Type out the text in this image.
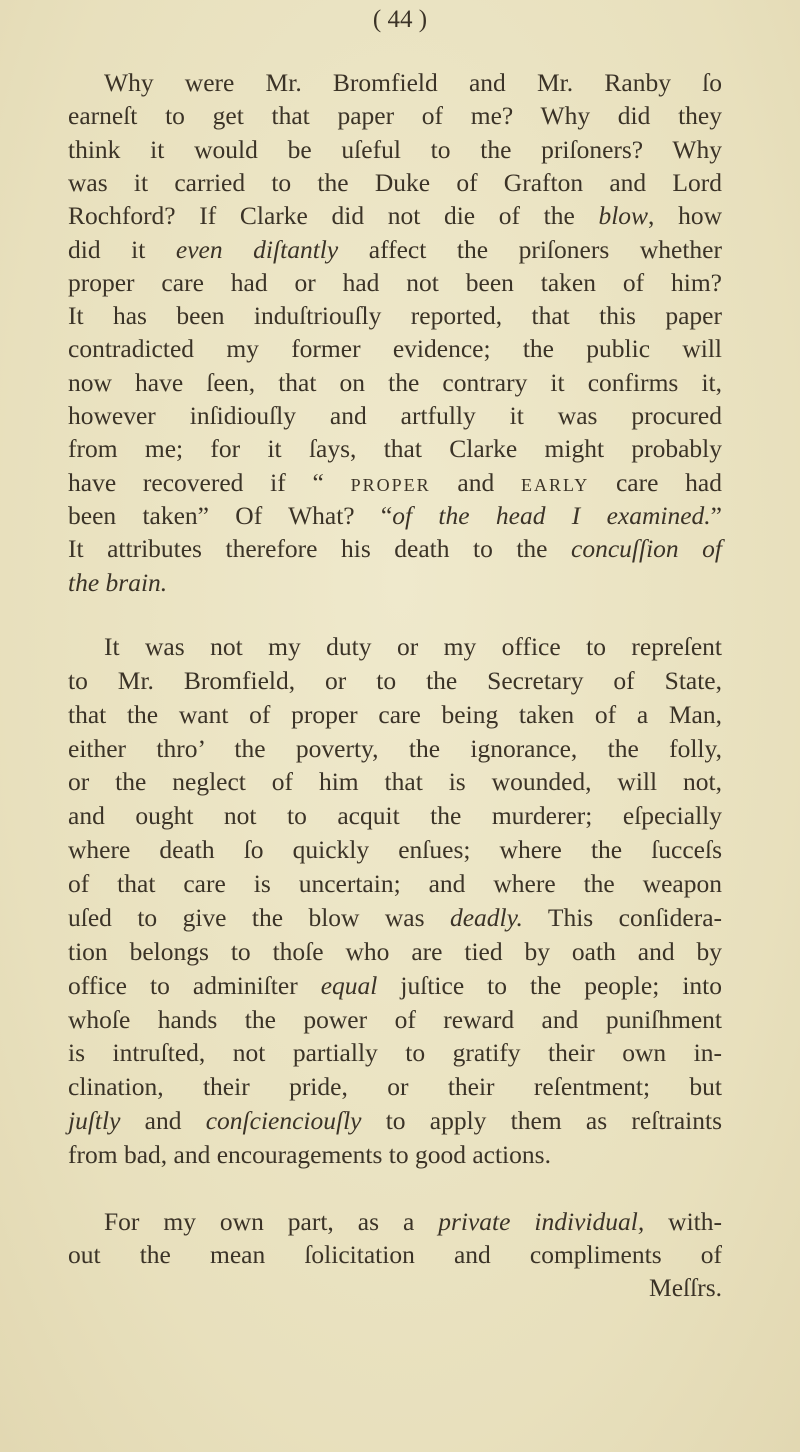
( 44 )
Why were Mr. Bromfield and Mr. Ranby ſo
earneſt to get that paper of me? Why did they
think it would be uſeful to the priſoners? Why
was it carried to the Duke of Grafton and Lord
Rochford? If Clarke did not die of the blow, how
did it even diſtantly affect the priſoners whether
proper care had or had not been taken of him?
It has been induſtriouſly reported, that this paper
contradicted my former evidence; the public will
now have ſeen, that on the contrary it confirms it,
however inſidiouſly and artfully it was procured
from me; for it ſays, that Clarke might probably
have recovered if “ proper and early care had
been taken” Of What? “of the head I examined.”
It attributes therefore his death to the concuſſion of
the brain.
It was not my duty or my office to repreſent
to Mr. Bromfield, or to the Secretary of State,
that the want of proper care being taken of a Man,
either thro’ the poverty, the ignorance, the folly,
or the neglect of him that is wounded, will not,
and ought not to acquit the murderer; eſpecially
where death ſo quickly enſues; where the ſucceſs
of that care is uncertain; and where the weapon
uſed to give the blow was deadly. This conſidera-
tion belongs to thoſe who are tied by oath and by
office to adminiſter equal juſtice to the people; into
whoſe hands the power of reward and puniſhment
is intruſted, not partially to gratify their own in-
clination, their pride, or their reſentment; but
juſtly and conſcienciouſly to apply them as reſtraints
from bad, and encouragements to good actions.
For my own part, as a private individual, with-
out the mean ſolicitation and compliments of
Meſſrs.
